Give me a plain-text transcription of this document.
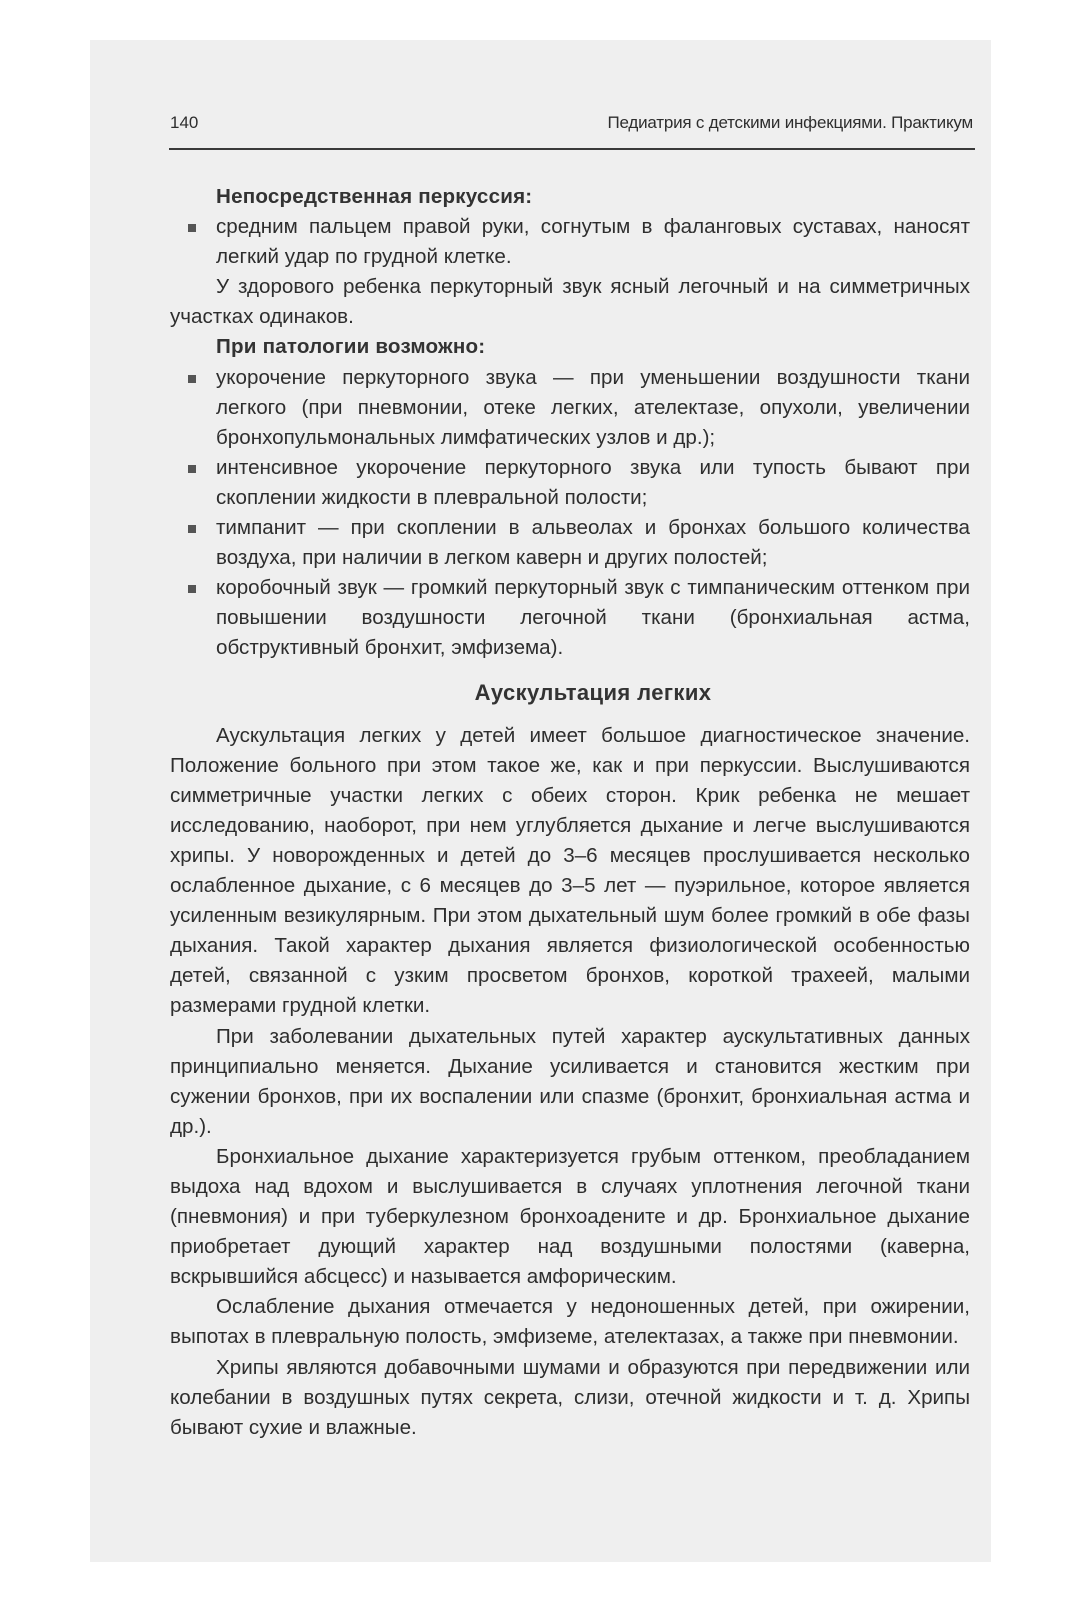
140	Педиатрия с детскими инфекциями. Практикум

Непосредственная перкуссия:

средним пальцем правой руки, согнутым в фаланговых суставах, наносят легкий удар по грудной клетке.

У здорового ребенка перкуторный звук ясный легочный и на симметричных участках одинаков.

При патологии возможно:

укорочение перкуторного звука — при уменьшении воздушности ткани легкого (при пневмонии, отеке легких, ателектазе, опухоли, увеличении бронхопульмональных лимфатических узлов и др.);
интенсивное укорочение перкуторного звука или тупость бывают при скоплении жидкости в плевральной полости;
тимпанит — при скоплении в альвеолах и бронхах большого количества воздуха, при наличии в легком каверн и других полостей;
коробочный звук — громкий перкуторный звук с тимпаническим оттенком при повышении воздушности легочной ткани (бронхиальная астма, обструктивный бронхит, эмфизема).
Аускультация легких

Аускультация легких у детей имеет большое диагностическое значение. Положение больного при этом такое же, как и при перкуссии. Выслушиваются симметричные участки легких с обеих сторон. Крик ребенка не мешает исследованию, наоборот, при нем углубляется дыхание и легче выслушиваются хрипы. У новорожденных и детей до 3–6 месяцев прослушивается несколько ослабленное дыхание, с 6 месяцев до 3–5 лет — пуэрильное, которое является усиленным везикулярным. При этом дыхательный шум более громкий в обе фазы дыхания. Такой характер дыхания является физиологической особенностью детей, связанной с узким просветом бронхов, короткой трахеей, малыми размерами грудной клетки.

При заболевании дыхательных путей характер аускультативных данных принципиально меняется. Дыхание усиливается и становится жестким при сужении бронхов, при их воспалении или спазме (бронхит, бронхиальная астма и др.).

Бронхиальное дыхание характеризуется грубым оттенком, преобладанием выдоха над вдохом и выслушивается в случаях уплотнения легочной ткани (пневмония) и при туберкулезном бронхоадените и др. Бронхиальное дыхание приобретает дующий характер над воздушными полостями (каверна, вскрывшийся абсцесс) и называется амфорическим.

Ослабление дыхания отмечается у недоношенных детей, при ожирении, выпотах в плевральную полость, эмфиземе, ателектазах, а также при пневмонии.

Хрипы являются добавочными шумами и образуются при передвижении или колебании в воздушных путях секрета, слизи, отечной жидкости и т. д. Хрипы бывают сухие и влажные.
